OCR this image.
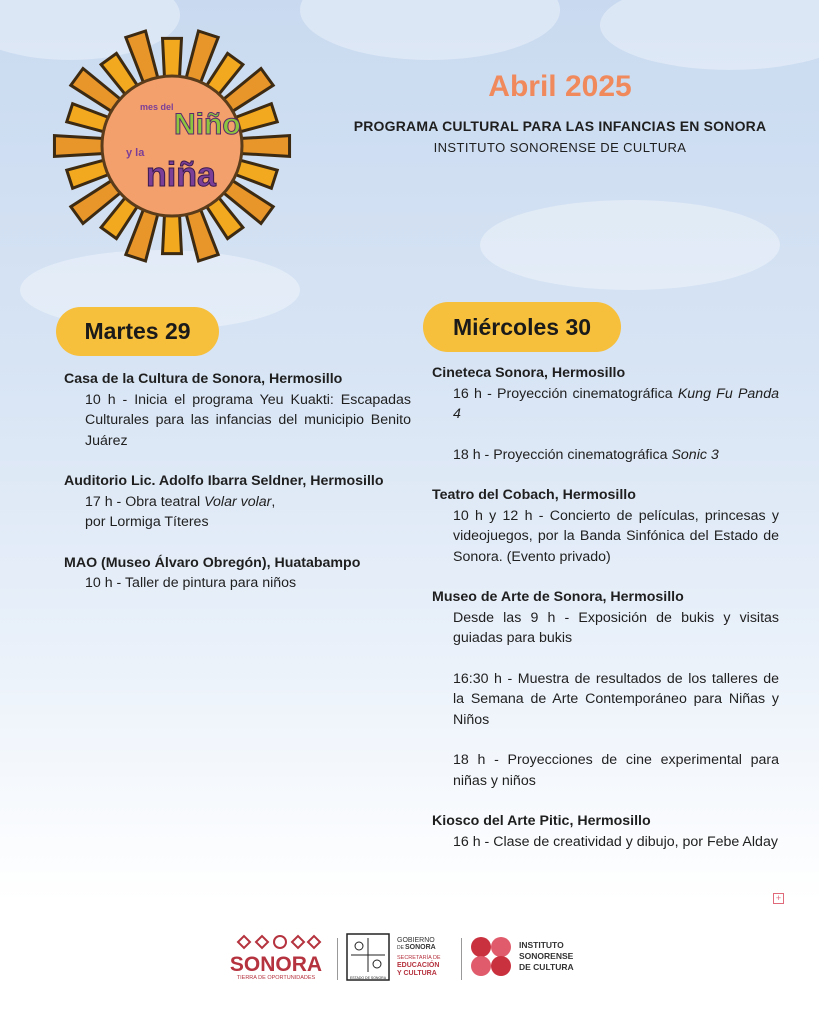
mes del
Niño
y la
niña

Abril 2025

PROGRAMA CULTURAL PARA LAS INFANCIAS EN SONORA

INSTITUTO SONORENSE DE CULTURA

Martes 29	Miércoles 30

Casa de la Cultura de Sonora, Hermosillo

10 h - Inicia el programa Yeu Kuakti: Escapadas Culturales para las infancias del municipio Benito Juárez

Auditorio Lic. Adolfo Ibarra Seldner, Hermosillo

17 h - Obra teatral Volar volar,
por Lormiga Títeres

MAO (Museo Álvaro Obregón), Huatabampo

10 h - Taller de pintura para niños

Cineteca Sonora, Hermosillo

16 h - Proyección cinematográfica Kung Fu Panda 4

18 h - Proyección cinematográfica Sonic 3

Teatro del Cobach, Hermosillo

10 h y 12 h - Concierto de películas, princesas y videojuegos, por la Banda Sinfónica del Estado de Sonora. (Evento privado)

Museo de Arte de Sonora, Hermosillo

Desde las 9 h - Exposición de bukis y visitas guiadas para bukis

16:30 h - Muestra de resultados de los talleres de la Semana de Arte Contemporáneo para Niñas y Niños

18 h - Proyecciones de cine experimental para niñas y niños

Kiosco del Arte Pitic, Hermosillo

16 h - Clase de creatividad y dibujo, por Febe Alday

+
SONORA
TIERRA DE OPORTUNIDADES	ESTADO DE SONORA
GOBIERNO
DE SONORA
SECRETARÍA DE
EDUCACIÓN
Y CULTURA
INSTITUTO
SONORENSE
DE CULTURA
